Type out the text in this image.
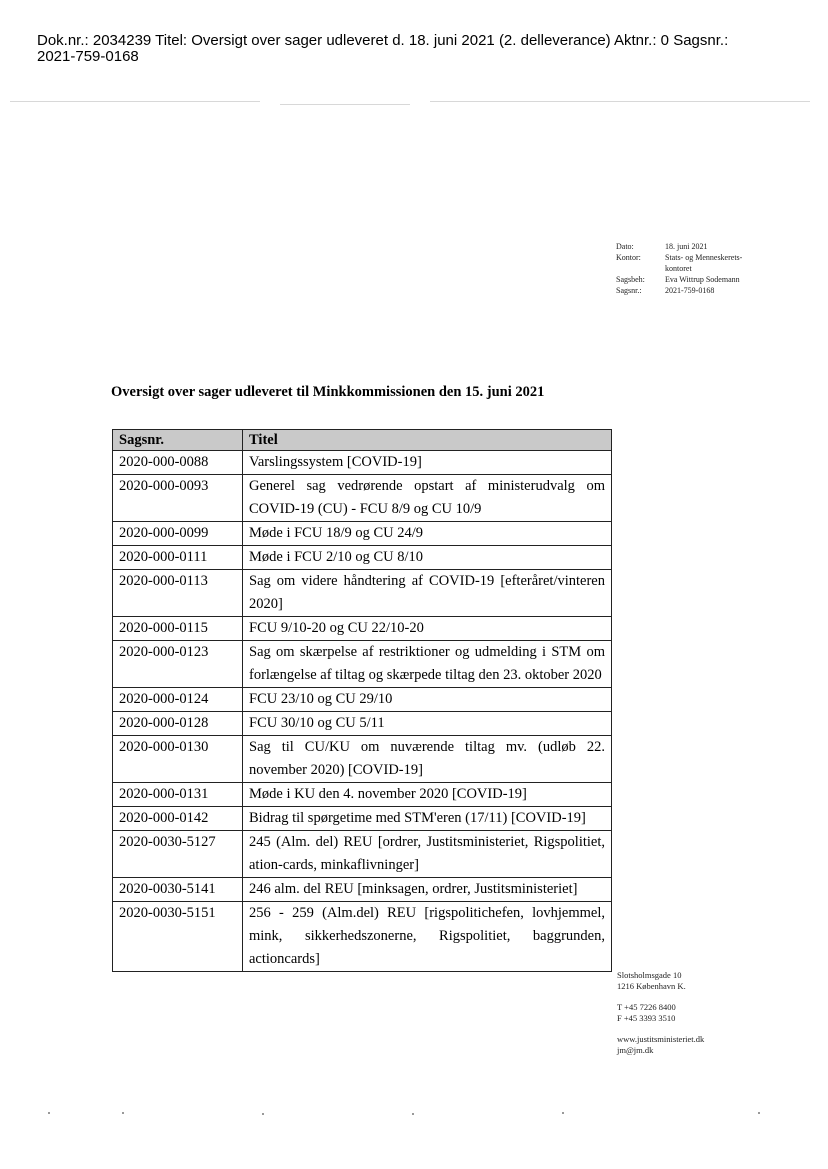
Dok.nr.: 2034239 Titel: Oversigt over sager udleveret d. 18. juni 2021 (2. delleverance) Aktnr.: 0 Sagsnr.:
2021-759-0168
Dato:	18. juni 2021
Kontor:	Stats- og Menneskerets-
kontoret
Sagsbeh:	Eva Wittrup Sodemann
Sagsnr.:	2021-759-0168
Oversigt over sager udleveret til Minkkommissionen den 15. juni 2021
Sagsnr.	Titel
2020-000-0088	Varslingssystem [COVID-19]
2020-000-0093	Generel sag vedrørende opstart af ministerudvalg om COVID-19 (CU) - FCU 8/9 og CU 10/9
2020-000-0099	Møde i FCU 18/9 og CU 24/9
2020-000-0111	Møde i FCU 2/10 og CU 8/10
2020-000-0113	Sag om videre håndtering af COVID-19 [efteråret/vinteren 2020]
2020-000-0115	FCU 9/10-20 og CU 22/10-20
2020-000-0123	Sag om skærpelse af restriktioner og udmelding i STM om forlængelse af tiltag og skærpede tiltag den 23. oktober 2020
2020-000-0124	FCU 23/10 og CU 29/10
2020-000-0128	FCU 30/10 og CU 5/11
2020-000-0130	Sag til CU/KU om nuværende tiltag mv. (udløb 22. november 2020) [COVID-19]
2020-000-0131	Møde i KU den 4. november 2020 [COVID-19]
2020-000-0142	Bidrag til spørgetime med STM'eren (17/11) [COVID-19]
2020-0030-5127	245 (Alm. del) REU [ordrer, Justitsministeriet, Rigspolitiet, ation-cards, minkaflivninger]
2020-0030-5141	246 alm. del REU [minksagen, ordrer, Justitsministeriet]
2020-0030-5151	256 - 259 (Alm.del) REU [rigspolitichefen, lovhjemmel, mink, sikkerhedszonerne, Rigspolitiet, baggrunden, actioncards]
Slotsholmsgade 10
1216 København K.
T +45 7226 8400
F +45 3393 3510
www.justitsministeriet.dk
jm@jm.dk
